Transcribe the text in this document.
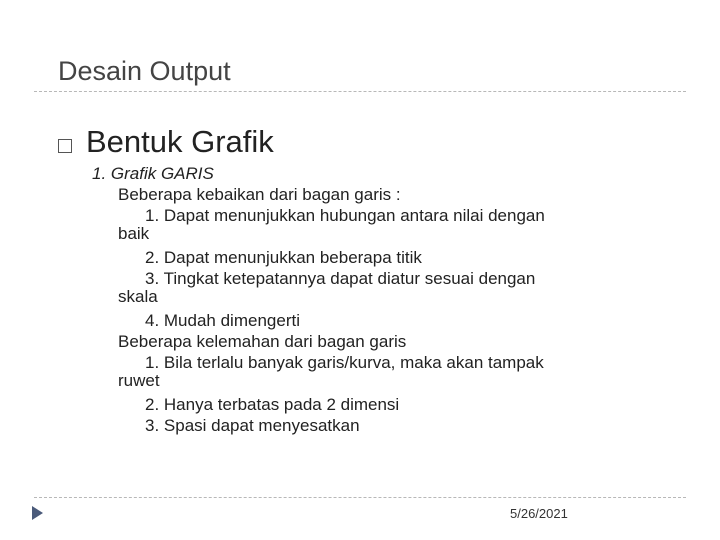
Desain Output
Bentuk Grafik
1. Grafik GARIS
Beberapa kebaikan dari bagan garis :
1. Dapat menunjukkan hubungan antara nilai dengan
baik
2. Dapat menunjukkan beberapa titik
3. Tingkat ketepatannya dapat diatur sesuai dengan
skala
4. Mudah dimengerti
Beberapa kelemahan dari bagan garis
1. Bila terlalu banyak garis/kurva, maka akan tampak
ruwet
2. Hanya terbatas pada 2 dimensi
3. Spasi dapat menyesatkan
5/26/2021
